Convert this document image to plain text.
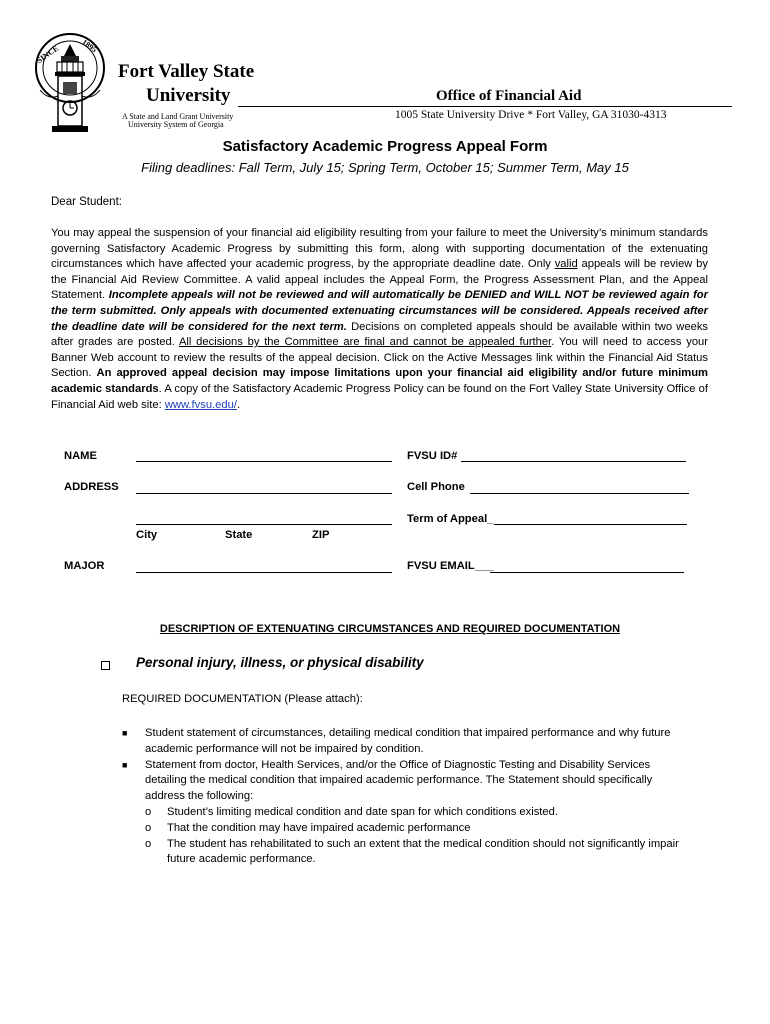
SINCE	1895
Fort Valley State
University
A State and Land Grant University
University System of Georgia
Office of Financial Aid
1005 State University Drive * Fort Valley, GA 31030-4313
Satisfactory Academic Progress Appeal Form
Filing deadlines: Fall Term, July 15; Spring Term, October 15; Summer Term, May 15
Dear Student:
You may appeal the suspension of your financial aid eligibility resulting from your failure to meet the University’s minimum standards governing Satisfactory Academic Progress by submitting this form, along with supporting documentation of the extenuating circumstances which have affected your academic progress, by the appropriate deadline date. Only valid appeals will be review by the Financial Aid Review Committee. A valid appeal includes the Appeal Form, the Progress Assessment Plan, and the Appeal Statement. Incomplete appeals will not be reviewed and will automatically be DENIED and WILL NOT be reviewed again for the term submitted. Only appeals with documented extenuating circumstances will be considered. Appeals received after the deadline date will be considered for the next term. Decisions on completed appeals should be available within two weeks after grades are posted. All decisions by the Committee are final and cannot be appealed further. You will need to access your Banner Web account to review the results of the appeal decision. Click on the Active Messages link within the Financial Aid Status Section. An approved appeal decision may impose limitations upon your financial aid eligibility and/or future minimum academic standards. A copy of the Satisfactory Academic Progress Policy can be found on the Fort Valley State University Office of Financial Aid web site: www.fvsu.edu/.
NAME	FVSU ID#
ADDRESS	Cell Phone
Term of Appeal_
City	State	ZIP
MAJOR	FVSU EMAIL___
DESCRIPTION OF EXTENUATING CIRCUMSTANCES AND REQUIRED DOCUMENTATION
Personal injury, illness, or physical disability
REQUIRED DOCUMENTATION (Please attach):
■ Student statement of circumstances, detailing medical condition that impaired performance and why future academic performance will not be impaired by condition.
■ Statement from doctor, Health Services, and/or the Office of Diagnostic Testing and Disability Services detailing the medical condition that impaired academic performance. The Statement should specifically address the following:
o Student’s limiting medical condition and date span for which conditions existed.
o That the condition may have impaired academic performance
o The student has rehabilitated to such an extent that the medical condition should not significantly impair future academic performance.
